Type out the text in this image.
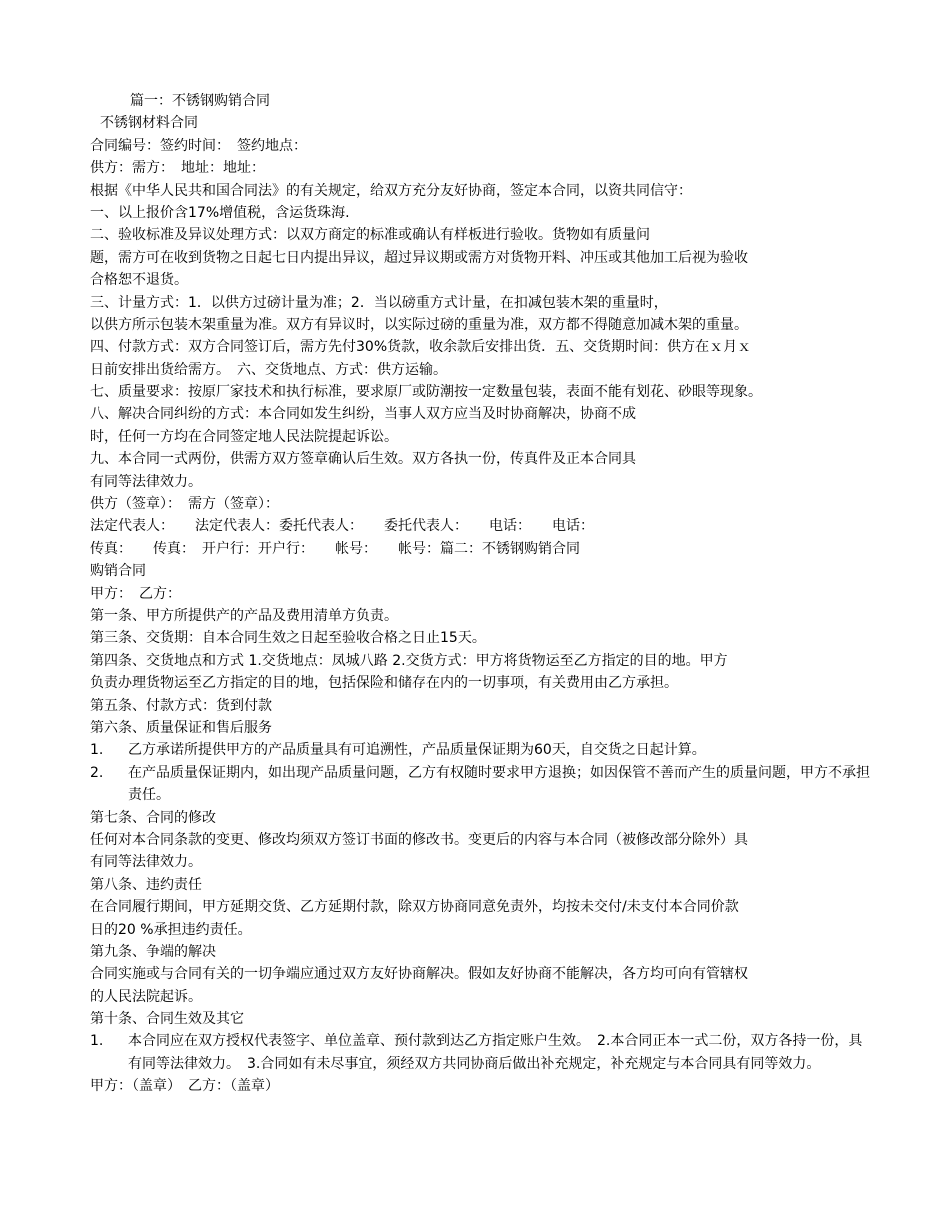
篇一：不锈钢购销合同
不锈钢材料合同
合同编号：签约时间：　签约地点：
供方：需方：　地址：地址：
根据《中华人民共和国合同法》的有关规定，给双方充分友好协商，签定本合同，以资共同信守：
一、以上报价含17%增值税，含运货珠海.
二、验收标准及异议处理方式：以双方商定的标准或确认有样板进行验收。货物如有质量问
题，需方可在收到货物之日起七日内提出异议，超过异议期或需方对货物开料、冲压或其他加工后视为验收
合格恕不退货。
三、计量方式：1．以供方过磅计量为准；2．当以磅重方式计量，在扣减包装木架的重量时，
以供方所示包装木架重量为准。双方有异议时，以实际过磅的重量为准，双方都不得随意加减木架的重量。
四、付款方式：双方合同签订后，需方先付30%货款，收余款后安排出货．五、交货期时间：供方在ｘ月ｘ
日前安排出货给需方。　六、交货地点、方式：供方运输。
七、质量要求：按原厂家技术和执行标准，要求原厂或防潮按一定数量包装，表面不能有划花、砂眼等现象。
八、解决合同纠纷的方式：本合同如发生纠纷，当事人双方应当及时协商解决，协商不成
时，任何一方均在合同签定地人民法院提起诉讼。
九、本合同一式两份，供需方双方签章确认后生效。双方各执一份，传真件及正本合同具
有同等法律效力。
供方（签章）：　需方（签章）：
法定代表人：　　法定代表人：委托代表人：　　委托代表人：　　电话：　　电话：
传真：　　传真：　开户行：开户行：　　帐号：　　帐号：篇二：不锈钢购销合同
购销合同
甲方：　乙方：
第一条、甲方所提供产的产品及费用清单方负责。
第三条、交货期：自本合同生效之日起至验收合格之日止15天。
第四条、交货地点和方式 1.交货地点：凤城八路 2.交货方式：甲方将货物运至乙方指定的目的地。甲方
负责办理货物运至乙方指定的目的地，包括保险和储存在内的一切事项，有关费用由乙方承担。
第五条、付款方式：货到付款
第六条、质量保证和售后服务
1. 乙方承诺所提供甲方的产品质量具有可追溯性，产品质量保证期为60天，自交货之日起计算。
2. 在产品质量保证期内，如出现产品质量问题，乙方有权随时要求甲方退换；如因保管不善而产生的质量问题，甲方不承担责任。
第七条、合同的修改
任何对本合同条款的变更、修改均须双方签订书面的修改书。变更后的内容与本合同（被修改部分除外）具
有同等法律效力。
第八条、违约责任
在合同履行期间，甲方延期交货、乙方延期付款，除双方协商同意免责外，均按未交付/未支付本合同价款
日的20 %承担违约责任。
第九条、争端的解决
合同实施或与合同有关的一切争端应通过双方友好协商解决。假如友好协商不能解决，各方均可向有管辖权
的人民法院起诉。
第十条、合同生效及其它
1. 本合同应在双方授权代表签字、单位盖章、预付款到达乙方指定账户生效。　2.本合同正本一式二份，双方各持一份，具有同等法律效力。　3.合同如有未尽事宜，须经双方共同协商后做出补充规定，补充规定与本合同具有同等效力。
甲方：（盖章）　乙方：（盖章）
